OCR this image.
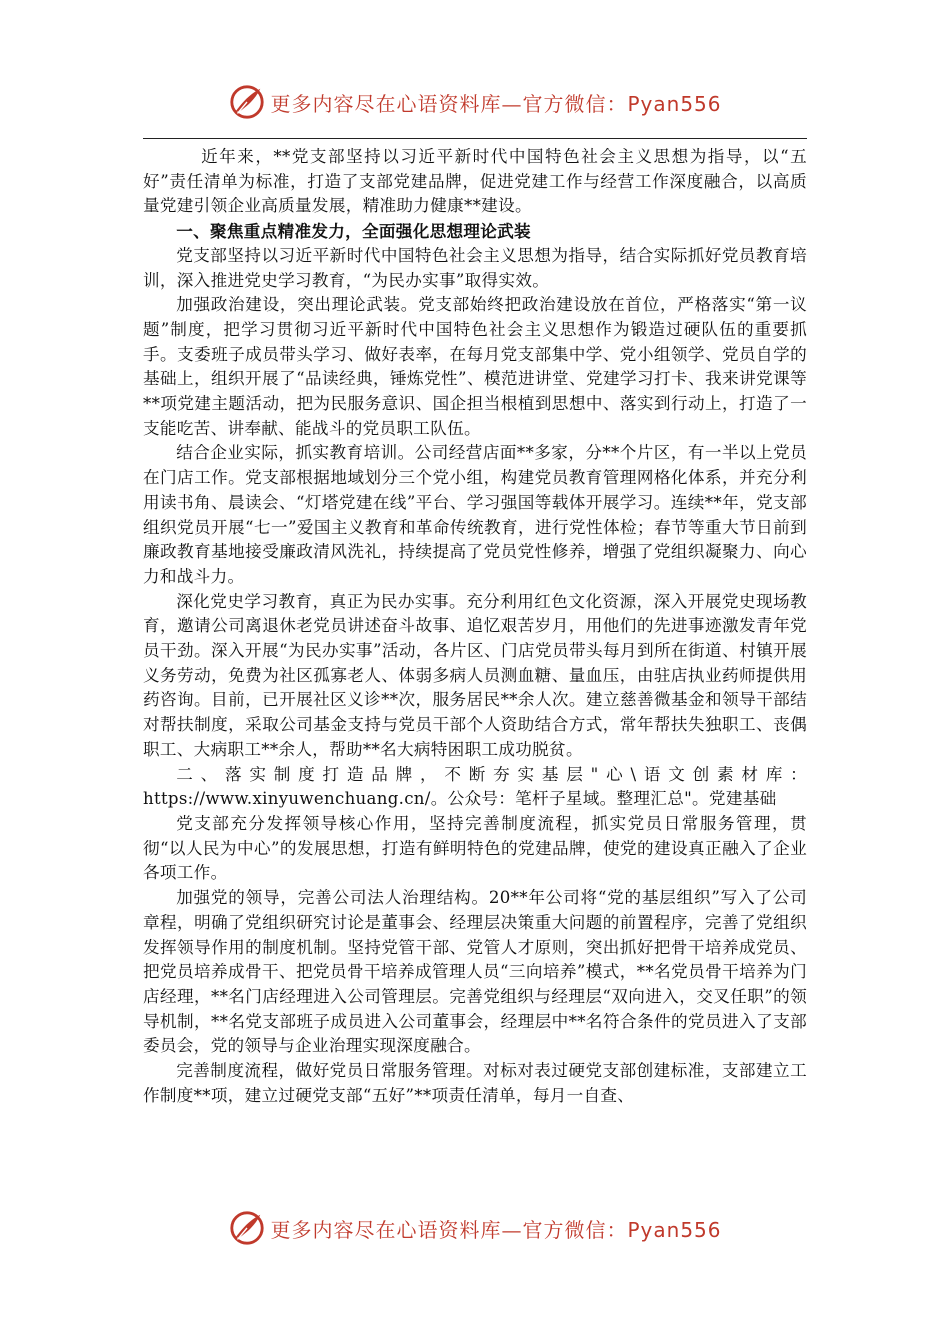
更多内容尽在心语资料库—官方微信：Pyan556

近年来，**党支部坚持以习近平新时代中国特色社会主义思想为指导，以“五好”责任清单为标准，打造了支部党建品牌，促进党建工作与经营工作深度融合，以高质量党建引领企业高质量发展，精准助力健康**建设。

一、聚焦重点精准发力，全面强化思想理论武装

党支部坚持以习近平新时代中国特色社会主义思想为指导，结合实际抓好党员教育培训，深入推进党史学习教育，“为民办实事”取得实效。

加强政治建设，突出理论武装。党支部始终把政治建设放在首位，严格落实“第一议题”制度，把学习贯彻习近平新时代中国特色社会主义思想作为锻造过硬队伍的重要抓手。支委班子成员带头学习、做好表率，在每月党支部集中学、党小组领学、党员自学的基础上，组织开展了“品读经典，锤炼党性”、模范进讲堂、党建学习打卡、我来讲党课等**项党建主题活动，把为民服务意识、国企担当根植到思想中、落实到行动上，打造了一支能吃苦、讲奉献、能战斗的党员职工队伍。

结合企业实际，抓实教育培训。公司经营店面**多家，分**个片区，有一半以上党员在门店工作。党支部根据地域划分三个党小组，构建党员教育管理网格化体系，并充分利用读书角、晨读会、“灯塔党建在线”平台、学习强国等载体开展学习。连续**年，党支部组织党员开展“七一”爱国主义教育和革命传统教育，进行党性体检；春节等重大节日前到廉政教育基地接受廉政清风洗礼，持续提高了党员党性修养，增强了党组织凝聚力、向心力和战斗力。

深化党史学习教育，真正为民办实事。充分利用红色文化资源，深入开展党史现场教育，邀请公司离退休老党员讲述奋斗故事、追忆艰苦岁月，用他们的先进事迹激发青年党员干劲。深入开展“为民办实事”活动，各片区、门店党员带头每月到所在街道、村镇开展义务劳动，免费为社区孤寡老人、体弱多病人员测血糖、量血压，由驻店执业药师提供用药咨询。目前，已开展社区义诊**次，服务居民**余人次。建立慈善微基金和领导干部结对帮扶制度，采取公司基金支持与党员干部个人资助结合方式，常年帮扶失独职工、丧偶职工、大病职工**余人，帮助**名大病特困职工成功脱贫。

二、落实制度打造品牌，不断夯实基层"心\语文创素材库：https://www.xinyuwenchuang.cn/。公众号：笔杆子星域。整理汇总"。党建基础

党支部充分发挥领导核心作用，坚持完善制度流程，抓实党员日常服务管理，贯彻“以人民为中心”的发展思想，打造有鲜明特色的党建品牌，使党的建设真正融入了企业各项工作。

加强党的领导，完善公司法人治理结构。20**年公司将“党的基层组织”写入了公司章程，明确了党组织研究讨论是董事会、经理层决策重大问题的前置程序，完善了党组织发挥领导作用的制度机制。坚持党管干部、党管人才原则，突出抓好把骨干培养成党员、把党员培养成骨干、把党员骨干培养成管理人员“三向培养”模式，**名党员骨干培养为门店经理，**名门店经理进入公司管理层。完善党组织与经理层“双向进入，交叉任职”的领导机制，**名党支部班子成员进入公司董事会，经理层中**名符合条件的党员进入了支部委员会，党的领导与企业治理实现深度融合。

完善制度流程，做好党员日常服务管理。对标对表过硬党支部创建标准，支部建立工作制度**项，建立过硬党支部“五好”**项责任清单，每月一自查、

更多内容尽在心语资料库—官方微信：Pyan556
